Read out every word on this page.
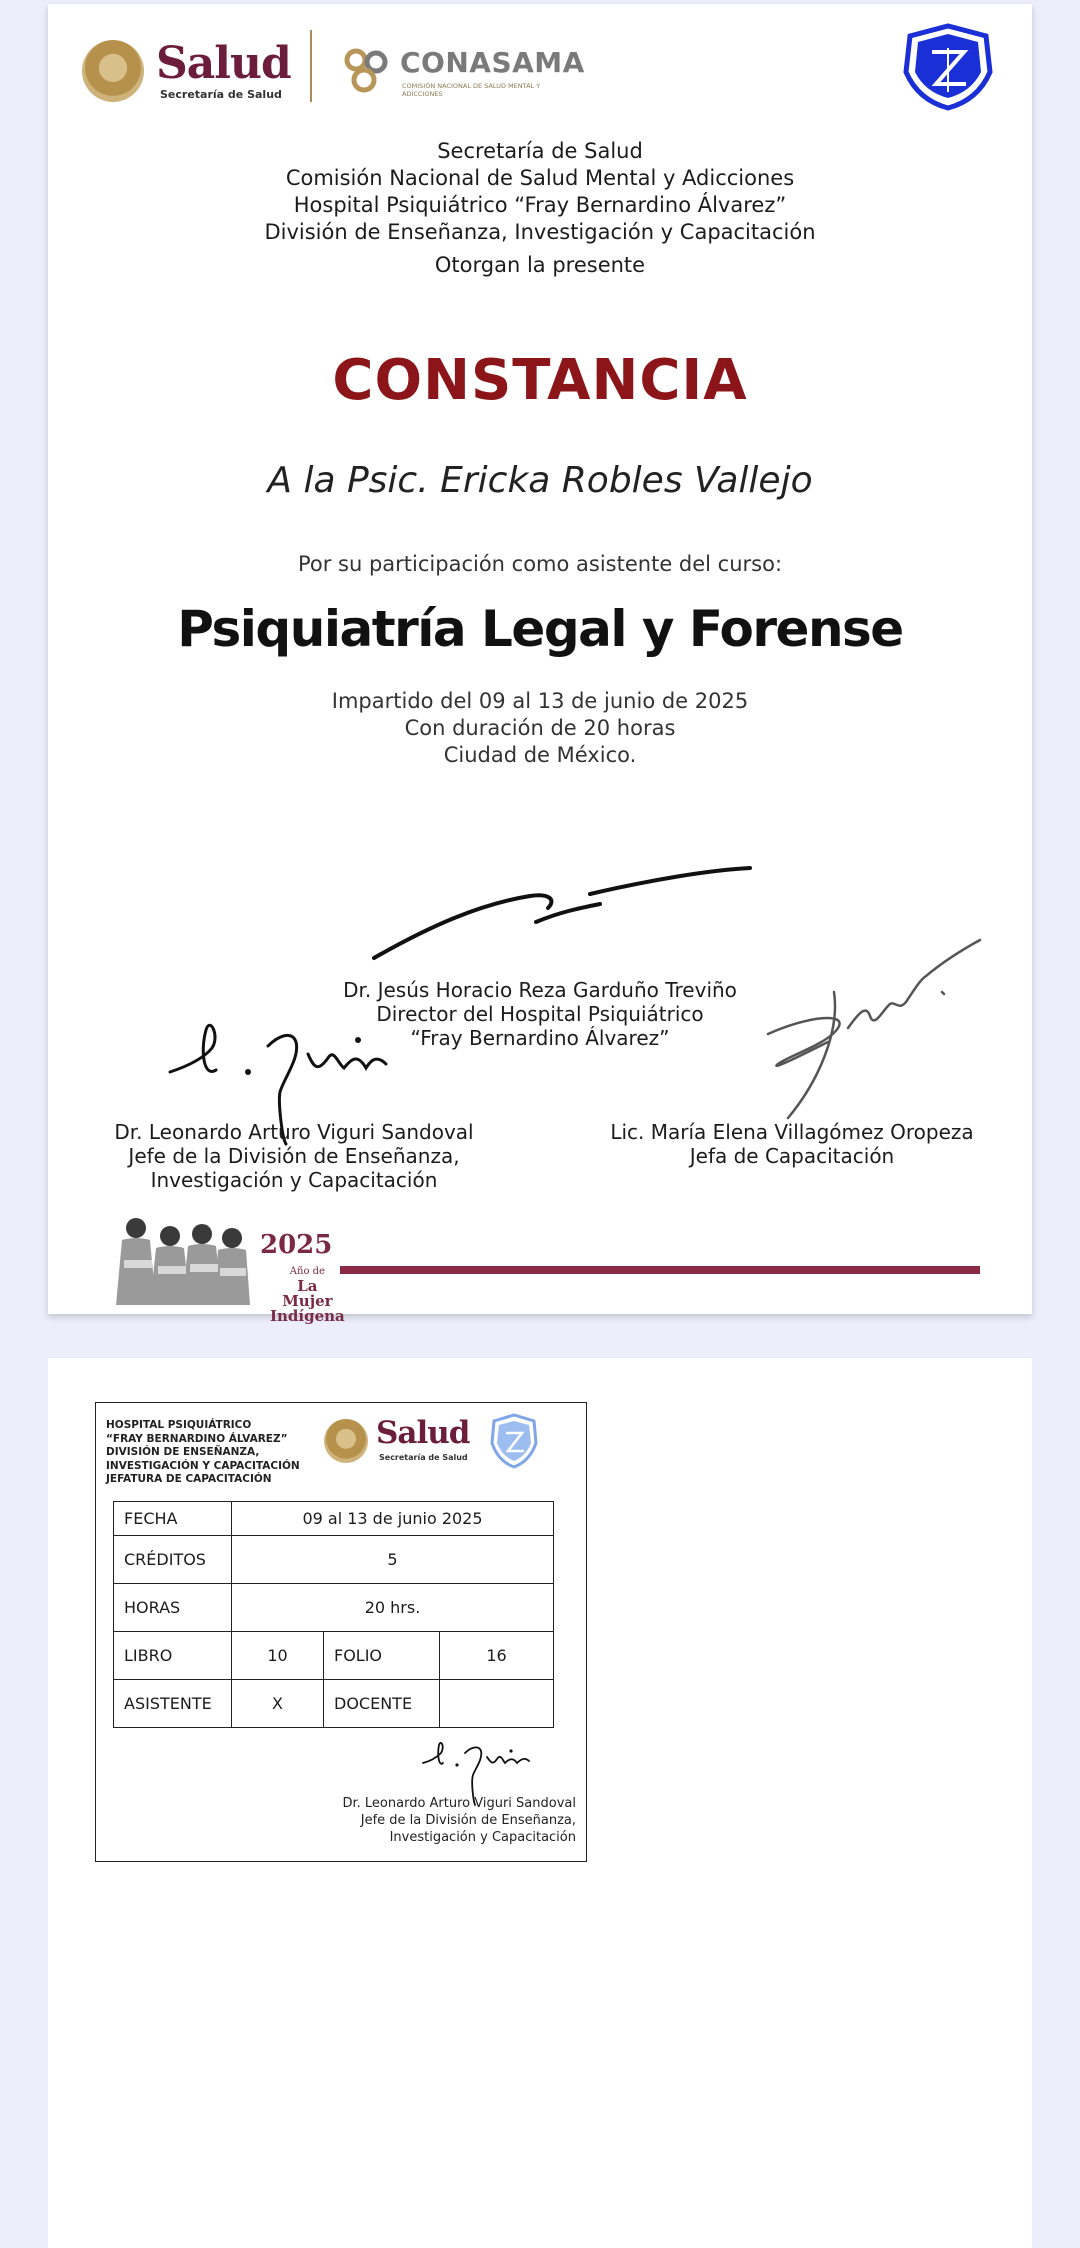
Salud
Secretaría de Salud
CONASAMA
COMISIÓN NACIONAL DE SALUD MENTAL Y ADICCIONES
Secretaría de Salud
Comisión Nacional de Salud Mental y Adicciones
Hospital Psiquiátrico “Fray Bernardino Álvarez”
División de Enseñanza, Investigación y Capacitación
Otorgan la presente
CONSTANCIA
A la Psic. Ericka Robles Vallejo
Por su participación como asistente del curso:
Psiquiatría Legal y Forense
Impartido del 09 al 13 de junio de 2025
Con duración de 20 horas
Ciudad de México.
Dr. Jesús Horacio Reza Garduño Treviño
Director del Hospital Psiquiátrico
“Fray Bernardino Álvarez”
Dr. Leonardo Arturo Viguri Sandoval
Jefe de la División de Enseñanza,
Investigación y Capacitación
Lic. María Elena Villagómez Oropeza
Jefa de Capacitación
2025
Año de
La Mujer
Indígena
HOSPITAL PSIQUIÁTRICO
“FRAY BERNARDINO ÁLVAREZ”
DIVISIÓN DE ENSEÑANZA,
INVESTIGACIÓN Y CAPACITACIÓN
JEFATURA DE CAPACITACIÓN
Salud
Secretaría de Salud
FECHA	09 al 13 de junio 2025		
CRÉDITOS	5		
HORAS	20 hrs.		
LIBRO	10	FOLIO	16
ASISTENTE	X	DOCENTE	
Dr. Leonardo Arturo Viguri Sandoval
Jefe de la División de Enseñanza,
Investigación y Capacitación
